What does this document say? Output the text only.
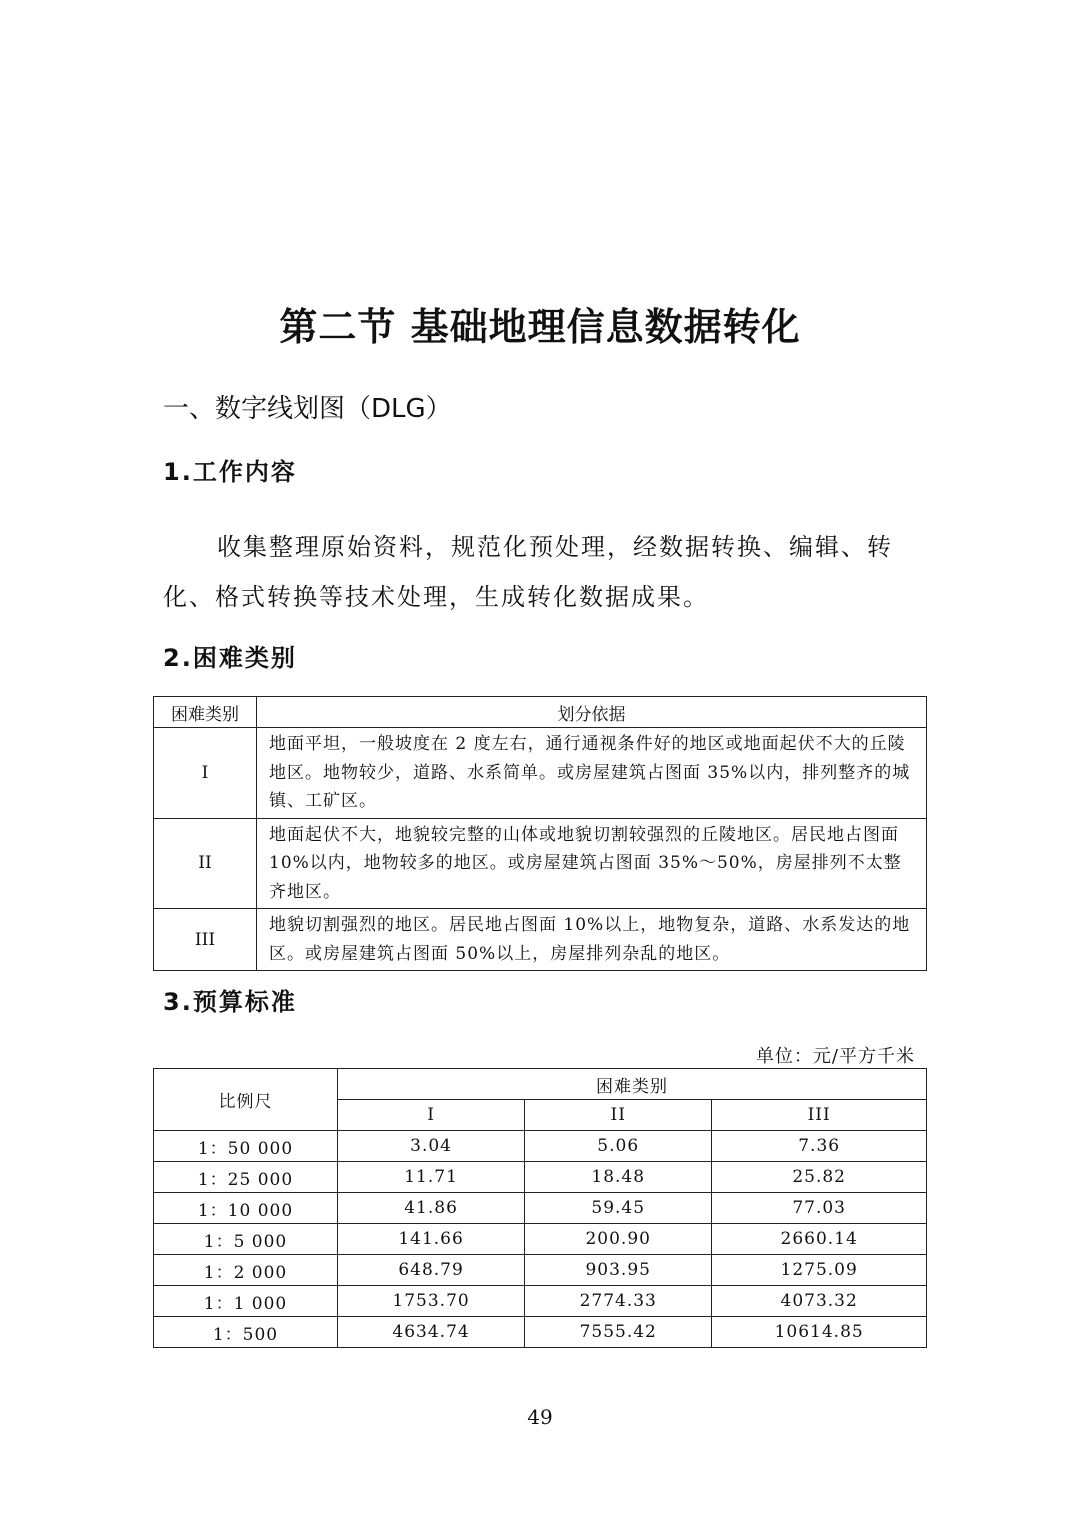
第二节 基础地理信息数据转化
一、数字线划图（DLG）
1.工作内容
收集整理原始资料，规范化预处理，经数据转换、编辑、转化、格式转换等技术处理，生成转化数据成果。
2.困难类别
困难类别	划分依据
I	地面平坦，一般坡度在 2 度左右，通行通视条件好的地区或地面起伏不大的丘陵地区。地物较少，道路、水系简单。或房屋建筑占图面 35%以内，排列整齐的城镇、工矿区。
II	地面起伏不大，地貌较完整的山体或地貌切割较强烈的丘陵地区。居民地占图面 10%以内，地物较多的地区。或房屋建筑占图面 35%～50%，房屋排列不太整齐地区。
III	地貌切割强烈的地区。居民地占图面 10%以上，地物复杂，道路、水系发达的地区。或房屋建筑占图面 50%以上，房屋排列杂乱的地区。
3.预算标准
单位：元/平方千米
比例尺	困难类别		
	I	II	III
1：50 000	3.04	5.06	7.36
1：25 000	11.71	18.48	25.82
1：10 000	41.86	59.45	77.03
1：5 000	141.66	200.90	2660.14
1：2 000	648.79	903.95	1275.09
1：1 000	1753.70	2774.33	4073.32
1：500	4634.74	7555.42	10614.85
49
